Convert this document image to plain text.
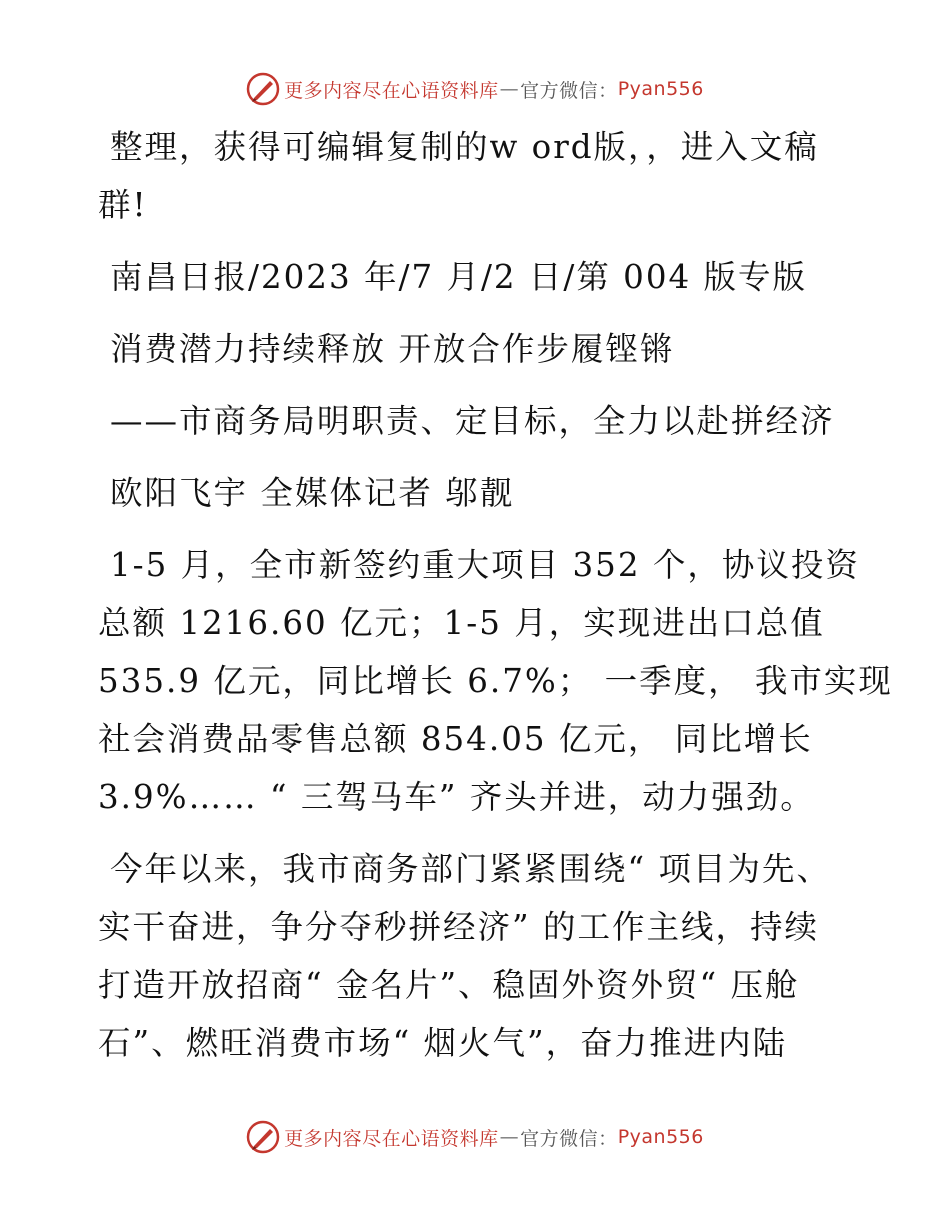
更多内容尽在心语资料库 — 官方微信： Pyan556

整理，获得可编辑复制的w ord版，，进入文稿

群!

南昌日报/2023 年/7 月/2 日/第 004 版专版

消费潜力持续释放 开放合作步履铿锵

——市商务局明职责、定目标，全力以赴拼经济

欧阳飞宇 全媒体记者 邬靓

1-5 月，全市新签约重大项目 352 个，协议投资

总额 1216.60 亿元；1-5 月，实现进出口总值

535.9 亿元，同比增长 6.7%； 一季度， 我市实现

社会消费品零售总额 854.05 亿元， 同比增长

3.9%…… “ 三驾马车” 齐头并进，动力强劲。

今年以来，我市商务部门紧紧围绕“ 项目为先、

实干奋进，争分夺秒拼经济” 的工作主线，持续

打造开放招商“ 金名片”、稳固外资外贸“ 压舱

石”、燃旺消费市场“ 烟火气”，奋力推进内陆

更多内容尽在心语资料库 — 官方微信： Pyan556
